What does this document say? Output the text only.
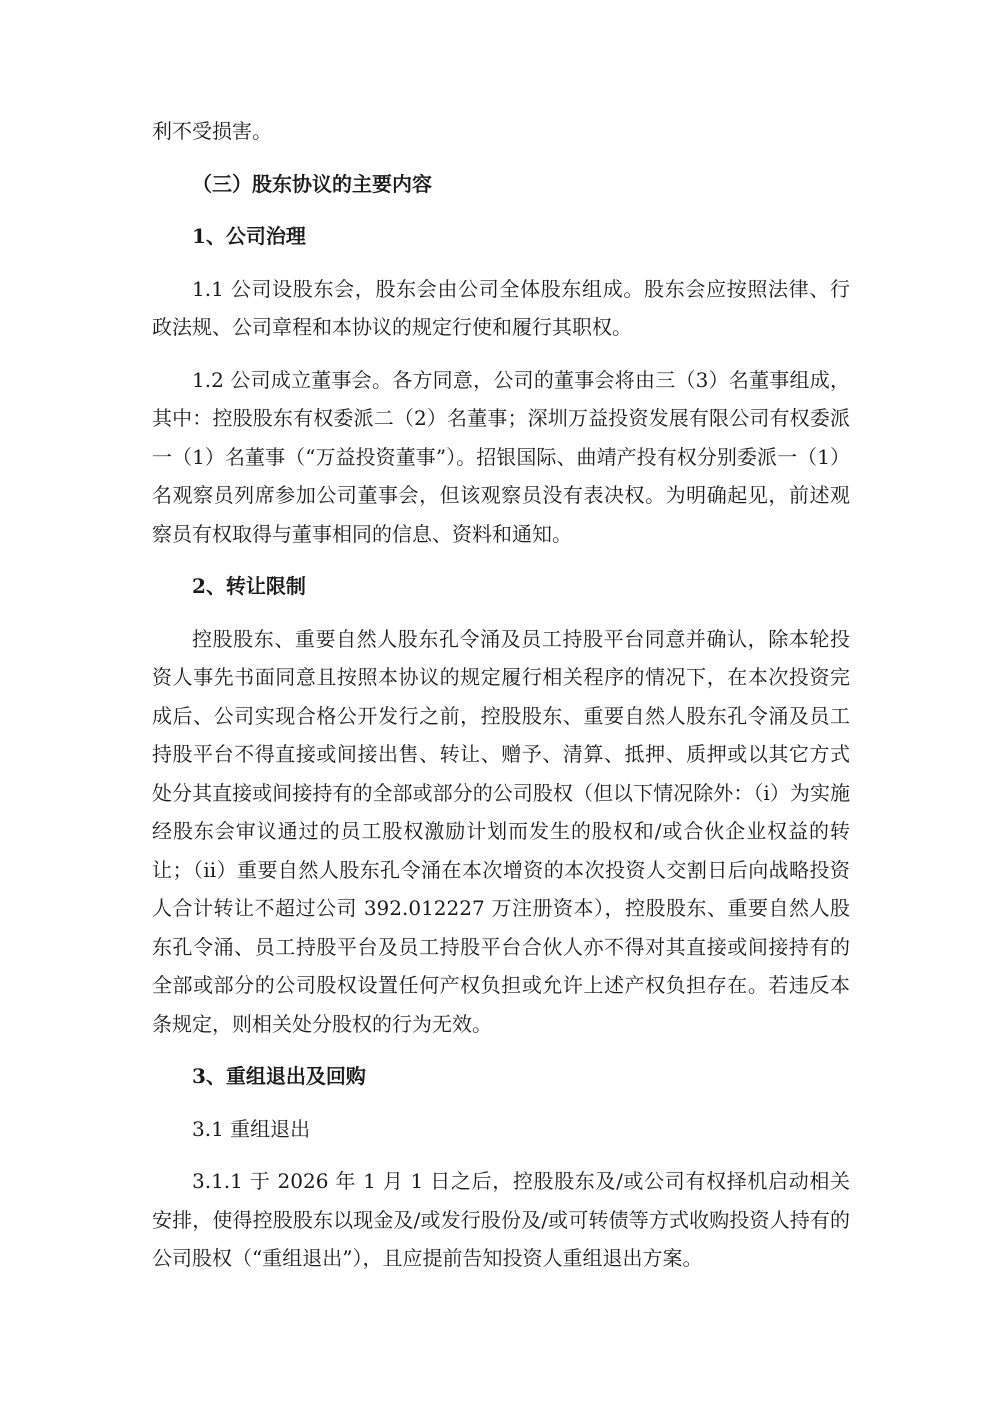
利不受损害。

（三）股东协议的主要内容

1、公司治理

1.1 公司设股东会，股东会由公司全体股东组成。股东会应按照法律、行政法规、公司章程和本协议的规定行使和履行其职权。

1.2 公司成立董事会。各方同意，公司的董事会将由三（3）名董事组成，其中：控股股东有权委派二（2）名董事；深圳万益投资发展有限公司有权委派一（1）名董事（“万益投资董事”）。招银国际、曲靖产投有权分别委派一（1）名观察员列席参加公司董事会，但该观察员没有表决权。为明确起见，前述观察员有权取得与董事相同的信息、资料和通知。

2、转让限制

控股股东、重要自然人股东孔令涌及员工持股平台同意并确认，除本轮投资人事先书面同意且按照本协议的规定履行相关程序的情况下，在本次投资完成后、公司实现合格公开发行之前，控股股东、重要自然人股东孔令涌及员工持股平台不得直接或间接出售、转让、赠予、清算、抵押、质押或以其它方式处分其直接或间接持有的全部或部分的公司股权（但以下情况除外：（i）为实施经股东会审议通过的员工股权激励计划而发生的股权和/或合伙企业权益的转让；（ii）重要自然人股东孔令涌在本次增资的本次投资人交割日后向战略投资人合计转让不超过公司 392.012227 万注册资本），控股股东、重要自然人股东孔令涌、员工持股平台及员工持股平台合伙人亦不得对其直接或间接持有的全部或部分的公司股权设置任何产权负担或允许上述产权负担存在。若违反本条规定，则相关处分股权的行为无效。

3、重组退出及回购

3.1 重组退出

3.1.1 于 2026 年 1 月 1 日之后，控股股东及/或公司有权择机启动相关安排，使得控股股东以现金及/或发行股份及/或可转债等方式收购投资人持有的公司股权（“重组退出”），且应提前告知投资人重组退出方案。
